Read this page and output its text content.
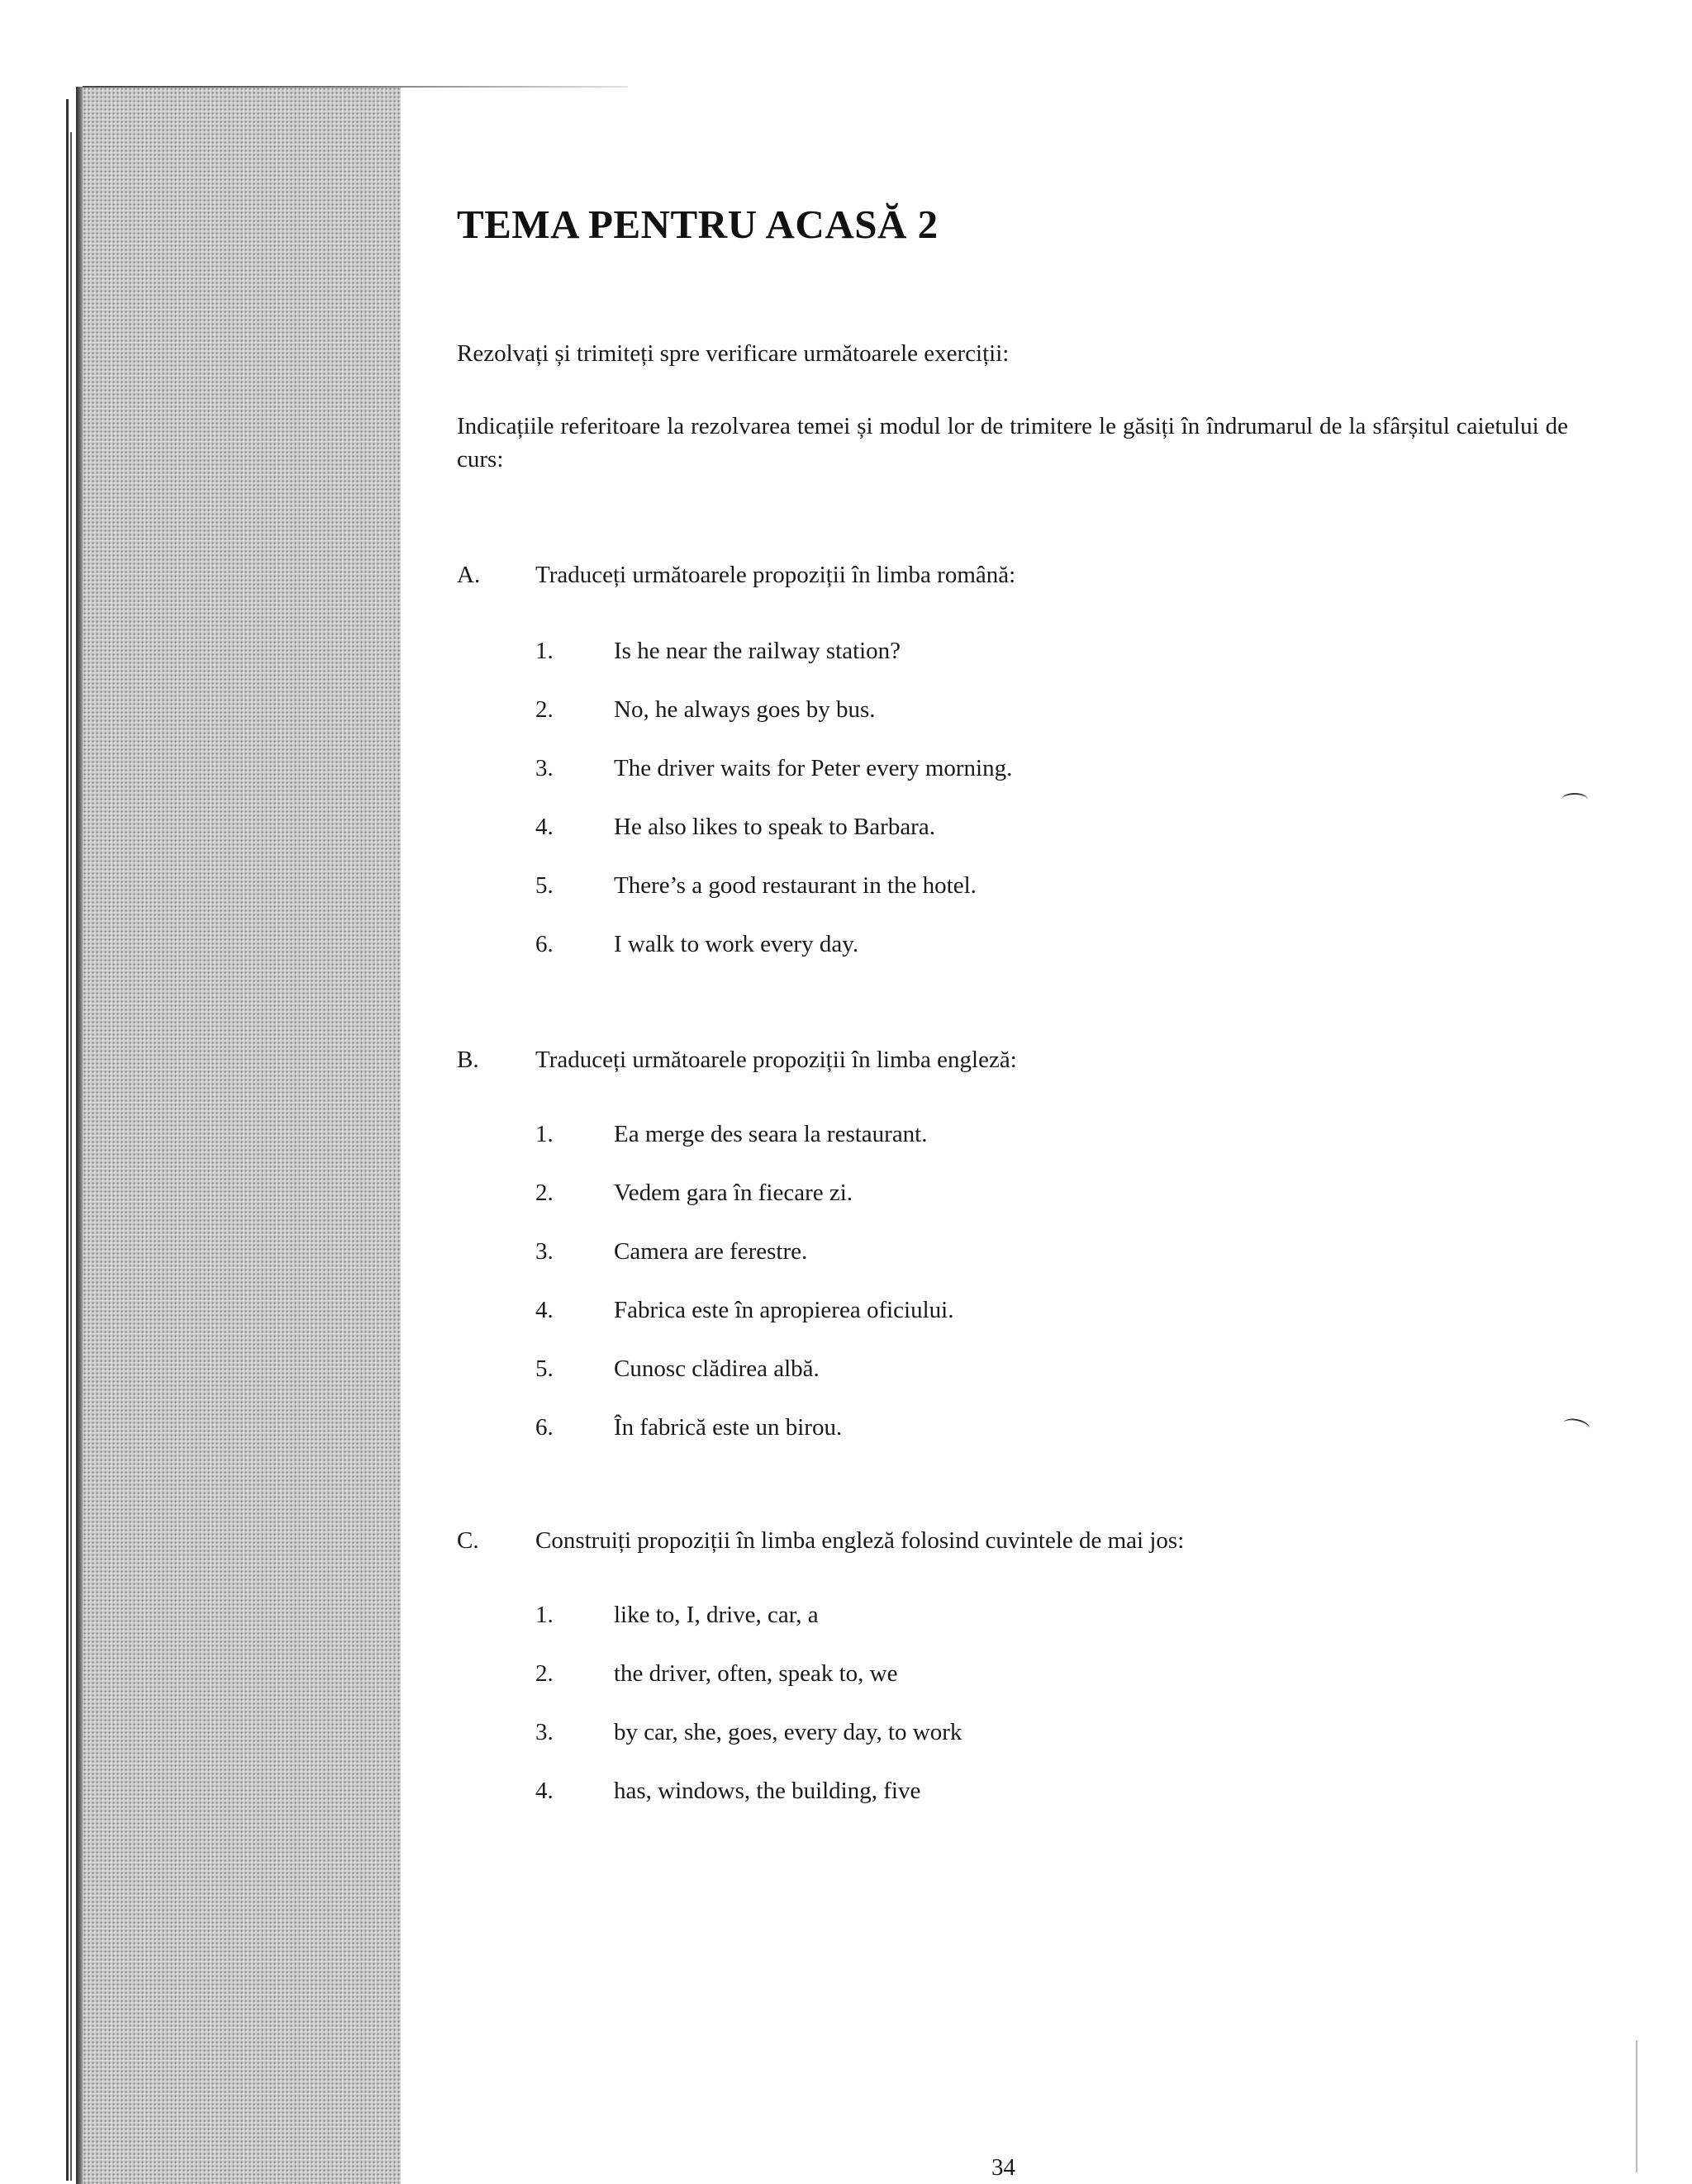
TEMA PENTRU ACASĂ 2

Rezolvați și trimiteți spre verificare următoarele exerciții:

Indicațiile referitoare la rezolvarea temei și modul lor de trimitere le găsiți în îndrumarul de la sfârșitul caietului de curs:

A. Traduceți următoarele propoziții în limba română:

1.	Is he near the railway station?

2.	No, he always goes by bus.

3.	The driver waits for Peter every morning.

4.	He also likes to speak to Barbara.

5.	There’s a good restaurant in the hotel.

6.	I walk to work every day.

B. Traduceți următoarele propoziții în limba engleză:

1.	Ea merge des seara la restaurant.

2.	Vedem gara în fiecare zi.

3.	Camera are ferestre.

4.	Fabrica este în apropierea oficiului.

5.	Cunosc clădirea albă.

6.	În fabrică este un birou.

C. Construiți propoziții în limba engleză folosind cuvintele de mai jos:

1.	like to, I, drive, car, a

2.	the driver, often, speak to, we

3.	by car, she, goes, every day, to work

4.	has, windows, the building, five

34
